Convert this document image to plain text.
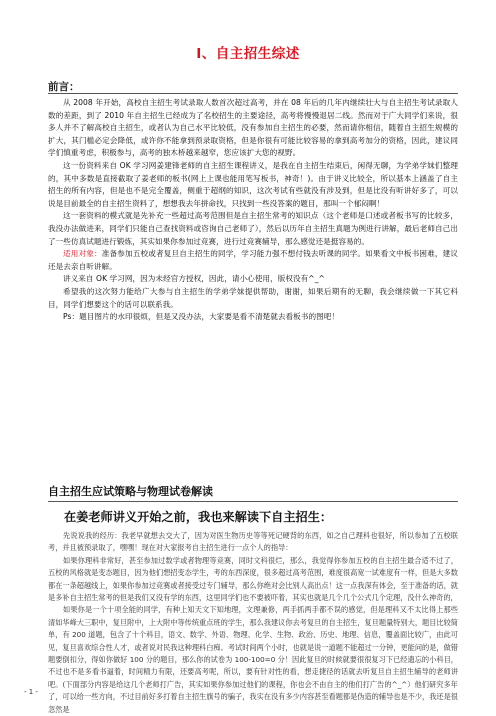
Ⅰ、自主招生综述
前言：

从 2008 年开始，高校自主招生考试录取人数首次超过高考，并在 08 年后的几年内继续壮大与自主招生考试录取人数的差距，到了 2010 年自主招生已经成为了名校招生的主要途径，高考将慢慢退居二线。然而对于广大同学们来说，很多人并不了解高校自主招生，或者认为自己水平比较低，没有参加自主招生的必要，然而请你相信，随着自主招生规模的扩大，其门槛必定会降低，或许你不能拿到预录取资格，但是你很有可能比较容易的拿到高考加分的资格，因此，建议同学们慎重考虑，积极参与，高考的独木桥越来越窄，您应该扩大您的视野。

这一份资料来自 OK 学习网姜建锋老师的自主招生课程讲义，是我在自主招生结束后，闲得无聊，为学弟学妹们整理的，其中多数是直接截取了姜老师的板书(网上上课也能用笔写板书，神奇！)。由于讲义比较全，所以基本上涵盖了自主招生的所有内容，但是也不是完全覆盖，侧重于超纲的知识，这次考试有些就没有涉及到，但是比没有听讲好多了，可以说是目前最全的自主招生资料了，想想我去年拼命找，只找到一些没答案的题目，那叫一个郁闷啊！

这一套资料的模式就是先补充一些超过高考范围但是自主招生常考的知识点（这个老师是口述或者板书写的比较多，我没办法做进来，同学们只能自己查找资料或咨询自己老师了），然后以历年自主招生真题为例进行讲解，最后老师自己出了一些仿真试题进行锻炼，其实如果你参加过竞赛，进行过竞赛辅导，那么感觉还是挺容易的。

适用对象：准备参加五校或者复旦自主招生的同学，学习能力强不想付钱去听课的同学。如果看文中板书困难，建议还是去亲自听讲解。

讲义来自 OK 学习网，因为未经官方授权，因此，请小心使用，版权没有^_^

希望我的这次努力能给广大参与自主招生的学弟学妹提供帮助，谢谢，如果后期有的无聊，我会继续做一下其它科目，同学们想要这个的话可以联系我。

Ps：题目图片的水印很烦，但是又没办法，大家要是看不清楚就去看板书的图吧！

自主招生应试策略与物理试卷解读
在姜老师讲义开始之前，我也来解读下自主招生：

先说说我的经历：我老早就想去交大了，因为对医生物历史等等死记硬背的东西，如之自己理科也很好，所以参加了五校联考，并且被预录取了，嘿嘿！现在对大家报考自主招生进行一点个人的指导：

如果你理科非常好，甚至参加过数学或者物理等竞赛，同时文科很烂，那么，我觉得你参加五校的自主招生最合适不过了，五校的风格就是变态题目，因为他们想招变态学生，考的东西深度，很多超过高考范围，难度很高宽一试难度有一样，但是大多数都在一条超越线上，如果你参加过竞赛或者接受过专门辅导，那么你绝对会比别人高出点！这一点我深有体会，至于准备的话，就是多补自主招生常考的但是我们又没有学的东西，这里同学们也不要被吓着，其实也就是几个几个公式几个定理，没什么神奇的，

如果你是一个十项全能的同学，有种上知天文下知地理，文理兼修，两手抓两手都不误的感觉，但是理科又不太比得上那些清如华峰大三职中，复旦附中，上大附中等传统重点班的学生，那么我建议你去考复旦的自主招生，复旦题量特别大，题目比较简单，有 200 道题，包含了十个科目，语文、数学、外语、物理、化学、生物、政治、历史、地理、信息，覆盖面比较广，由此可见，复旦喜欢综合性人才，或者说对民我这种理科白痴。考试时间两个小时，也就是说一道题不能超过一分钟，更能问的是，做错题要倒扣分，得如你做好 100 分的题目，那么你的试卷为 100-100=0 分！因此复旦的时候就要很很复习下已经遗忘的小科目，不过也不是多看书逼着，时间精力有限，还要高考呢，所以，要有针对性的看，想走捷径的话就去听复旦自主招生辅导的老师讲吧。(下面部分内容是给这几个老师打广告，其实如果你参加过他们的课程，你也会不由自主的他们打广告的^_^）他们研究多年了，可以给一些方向，不过目前好多打着自主招生旗号的骗子，我实在没有多少内容甚至看题都是伪造的辅导也是不少，我还是很忽然是

- 1 -
